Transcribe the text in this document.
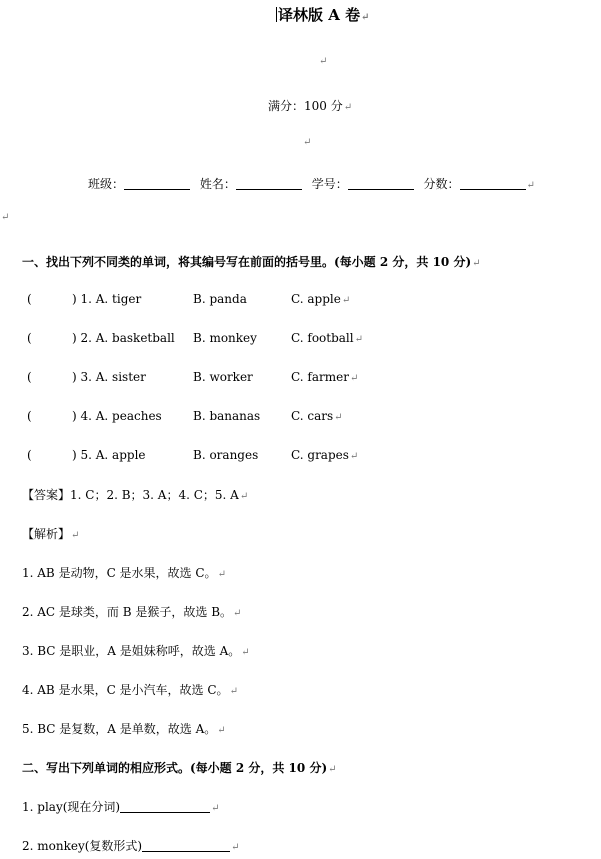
译林版 A 卷↵
↵
满分：100 分↵
↵
班级：	姓名：	学号：	分数：	↵
↵
一、找出下列不同类的单词，将其编号写在前面的括号里。(每小题 2 分，共 10 分)↵
(	) 1. A. tiger	B. panda	C. apple↵
(	) 2. A. basketball B. monkey	C. football↵
(	) 3. A. sister	B. worker	C. farmer↵
(	) 4. A. peaches	B. bananas	C. cars↵
(	) 5. A. apple	B. oranges	C. grapes↵
【答案】1. C；2. B；3. A；4. C；5. A↵
【解析】↵
1. AB 是动物，C 是水果，故选 C。↵
2. AC 是球类，而 B 是猴子，故选 B。↵
3. BC 是职业，A 是姐妹称呼，故选 A。↵
4. AB 是水果，C 是小汽车，故选 C。↵
5. BC 是复数，A 是单数，故选 A。↵
二、写出下列单词的相应形式。(每小题 2 分，共 10 分)↵
1. play(现在分词)	↵
2. monkey(复数形式)	↵
